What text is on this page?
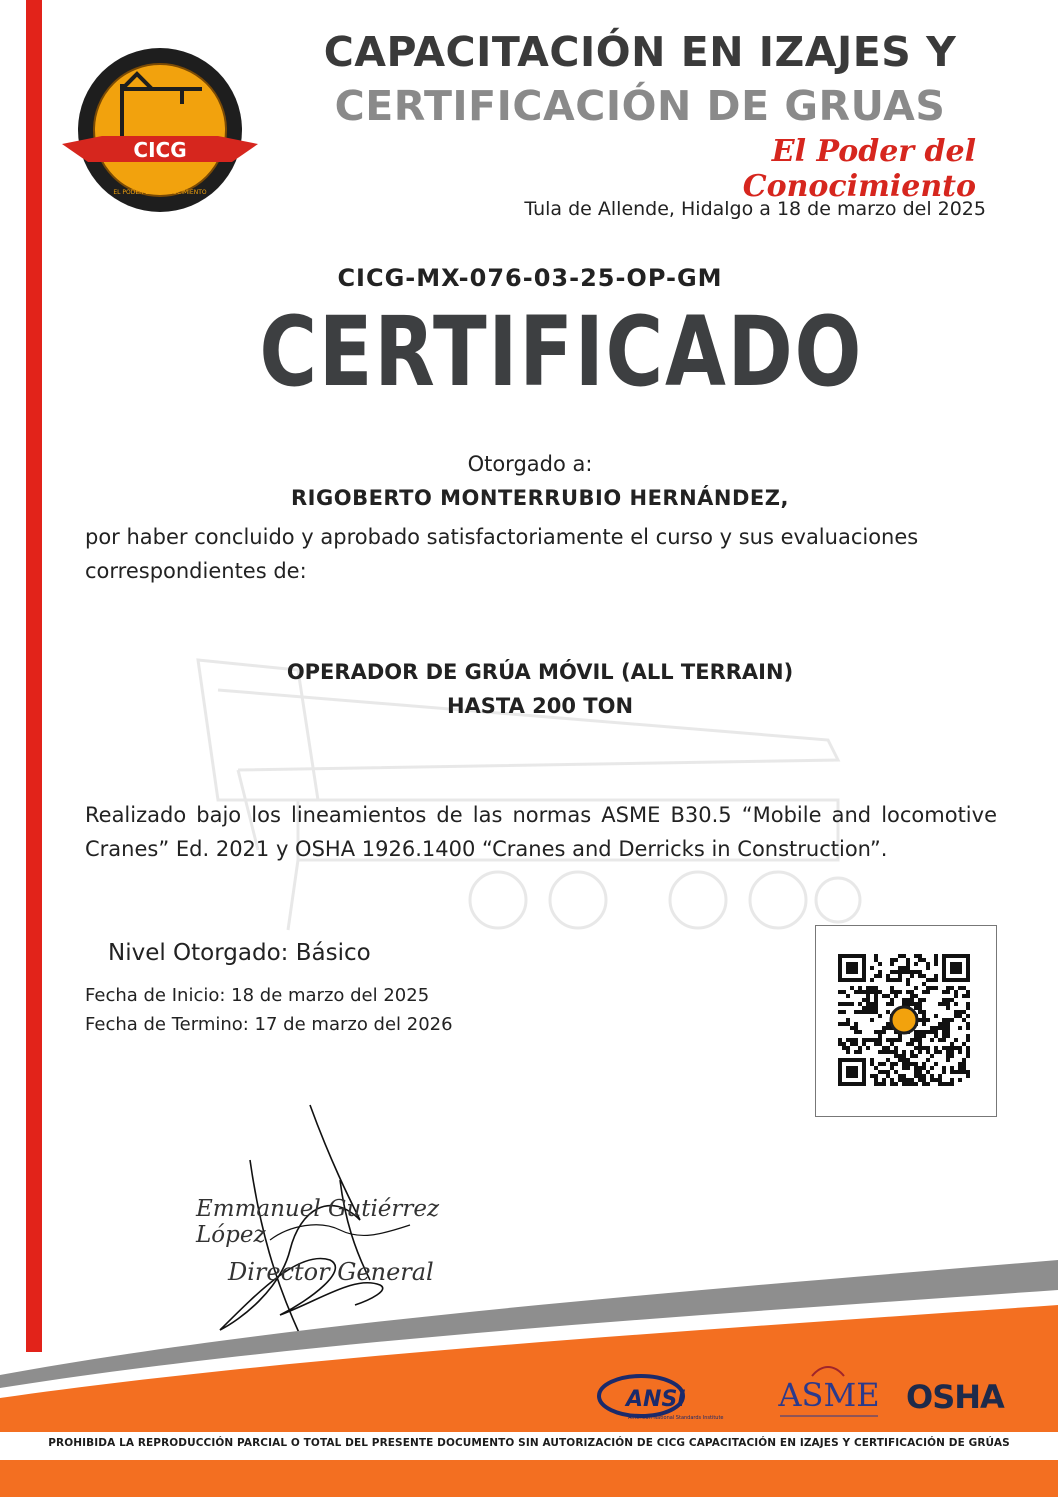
CICG
EL PODER DEL CONOCIMIENTO
CAPACITACIÓN EN IZAJES Y
CERTIFICACIÓN DE GRUAS
El Poder del Conocimiento
Tula de Allende, Hidalgo a 18 de marzo del 2025
CICG-MX-076-03-25-OP-GM
CERTIFICADO
Otorgado a:
RIGOBERTO MONTERRUBIO HERNÁNDEZ,
por haber concluido y aprobado satisfactoriamente el curso y sus evaluaciones correspondientes de:
OPERADOR DE GRÚA MÓVIL (ALL TERRAIN)
HASTA 200 TON
Realizado bajo los lineamientos de las normas ASME B30.5 “Mobile and locomotive Cranes” Ed. 2021 y OSHA 1926.1400 “Cranes and Derricks in Construction”.
Nivel Otorgado: Básico
Fecha de Inicio: 18 de marzo del 2025
Fecha de Termino: 17 de marzo del 2026
Emmanuel Gutiérrez López
Director General
ANSI
American National Standards Institute
ASME OSHA
PROHIBIDA LA REPRODUCCIÓN PARCIAL O TOTAL DEL PRESENTE DOCUMENTO SIN AUTORIZACIÓN DE CICG CAPACITACIÓN EN IZAJES Y CERTIFICACIÓN DE GRÚAS
